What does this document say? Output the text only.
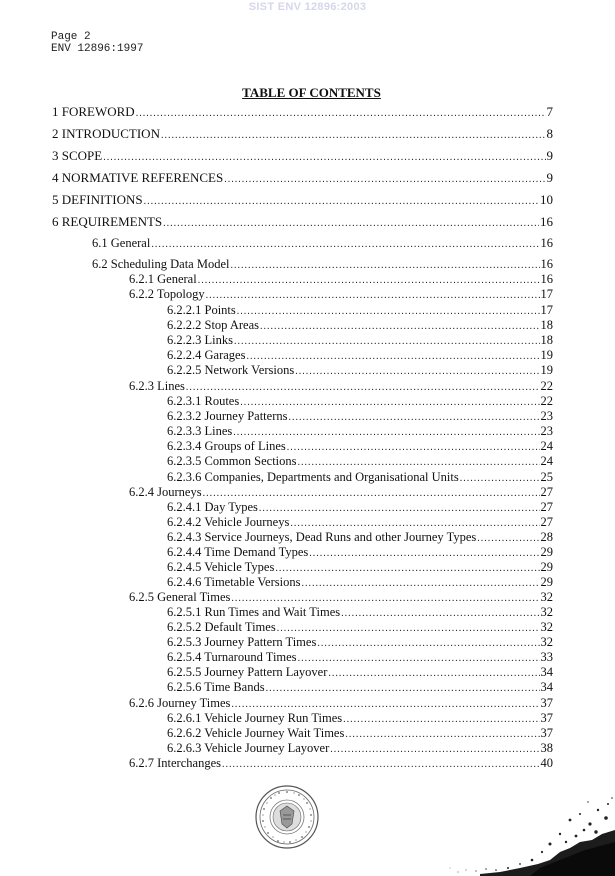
SIST ENV 12896:2003
Page 2
ENV 12896:1997
TABLE OF CONTENTS
1 FOREWORD .....	7
2 INTRODUCTION .....	8
3 SCOPE .....	9
4 NORMATIVE REFERENCES .....	9
5 DEFINITIONS .....	10
6 REQUIREMENTS .....	16
6.1 General .....	16
6.2 Scheduling Data Model .....	16
6.2.1 General .....	16
6.2.2 Topology .....	17
6.2.2.1 Points .....	17
6.2.2.2 Stop Areas .....	18
6.2.2.3 Links .....	18
6.2.2.4 Garages .....	19
6.2.2.5 Network Versions .....	19
6.2.3 Lines .....	22
6.2.3.1 Routes .....	22
6.2.3.2 Journey Patterns .....	23
6.2.3.3 Lines .....	23
6.2.3.4 Groups of Lines .....	24
6.2.3.5 Common Sections .....	24
6.2.3.6 Companies, Departments and Organisational Units .....	25
6.2.4 Journeys .....	27
6.2.4.1 Day Types .....	27
6.2.4.2 Vehicle Journeys .....	27
6.2.4.3 Service Journeys, Dead Runs and other Journey Types .....	28
6.2.4.4 Time Demand Types .....	29
6.2.4.5 Vehicle Types .....	29
6.2.4.6 Timetable Versions .....	29
6.2.5 General Times .....	32
6.2.5.1 Run Times and Wait Times .....	32
6.2.5.2 Default Times .....	32
6.2.5.3 Journey Pattern Times .....	32
6.2.5.4 Turnaround Times .....	33
6.2.5.5 Journey Pattern Layover .....	34
6.2.5.6 Time Bands .....	34
6.2.6 Journey Times .....	37
6.2.6.1 Vehicle Journey Run Times .....	37
6.2.6.2 Vehicle Journey Wait Times .....	37
6.2.6.3 Vehicle Journey Layover .....	38
6.2.7 Interchanges .....	40
